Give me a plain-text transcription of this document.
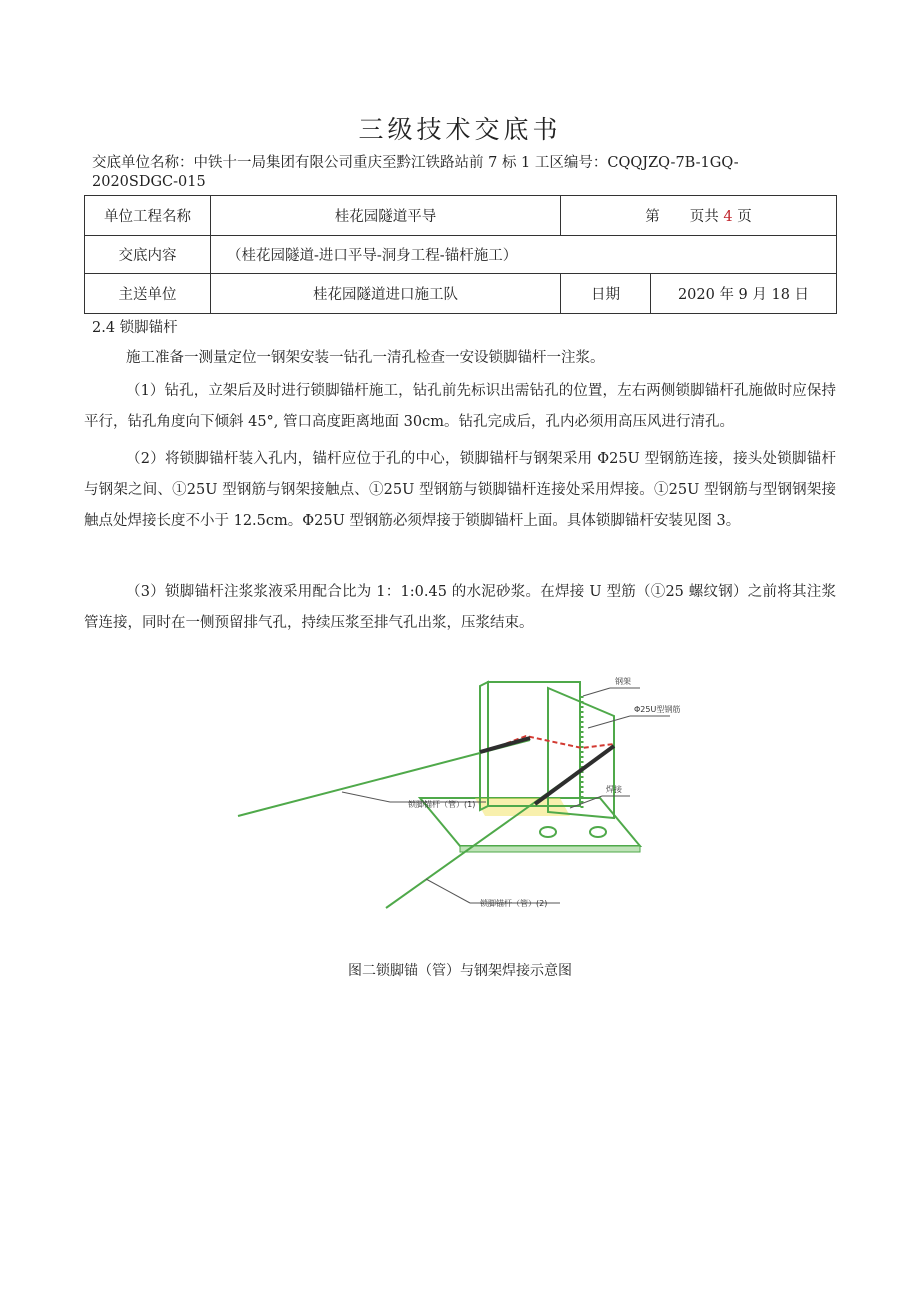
三级技术交底书
交底单位名称：中铁十一局集团有限公司重庆至黔江铁路站前 7 标 1 工区编号：CQQJZQ-7B-1GQ-
2020SDGC-015
单位工程名称	桂花园隧道平导	第 页共 4 页	
交底内容	（桂花园隧道-进口平导-洞身工程-锚杆施工）		
主送单位	桂花园隧道进口施工队	日期	2020 年 9 月 18 日
2.4 锁脚锚杆
施工准备一测量定位一钢架安装一钻孔一清孔检查一安设锁脚锚杆一注浆。
（1）钻孔，立架后及时进行锁脚锚杆施工，钻孔前先标识出需钻孔的位置，左右两侧锁脚锚杆孔施做时应保持平行，钻孔角度向下倾斜 45°, 管口高度距离地面 30cm。钻孔完成后，孔内必须用高压风进行清孔。
（2）将锁脚锚杆装入孔内，锚杆应位于孔的中心，锁脚锚杆与钢架采用 Φ25U 型钢筋连接，接头处锁脚锚杆与钢架之间、①25U 型钢筋与钢架接触点、①25U 型钢筋与锁脚锚杆连接处采用焊接。①25U 型钢筋与型钢钢架接触点处焊接长度不小于 12.5cm。Φ25U 型钢筋必须焊接于锁脚锚杆上面。具体锁脚锚杆安装见图 3。
（3）锁脚锚杆注浆浆液采用配合比为 1：1:0.45 的水泥砂浆。在焊接 U 型筋（①25 螺纹钢）之前将其注浆管连接，同时在一侧预留排气孔，持续压浆至排气孔出浆，压浆结束。
钢架
Φ25U型钢筋
焊接
锁脚锚杆（管）(1)
锁脚锚杆（管）(2)
图二锁脚锚（管）与钢架焊接示意图
